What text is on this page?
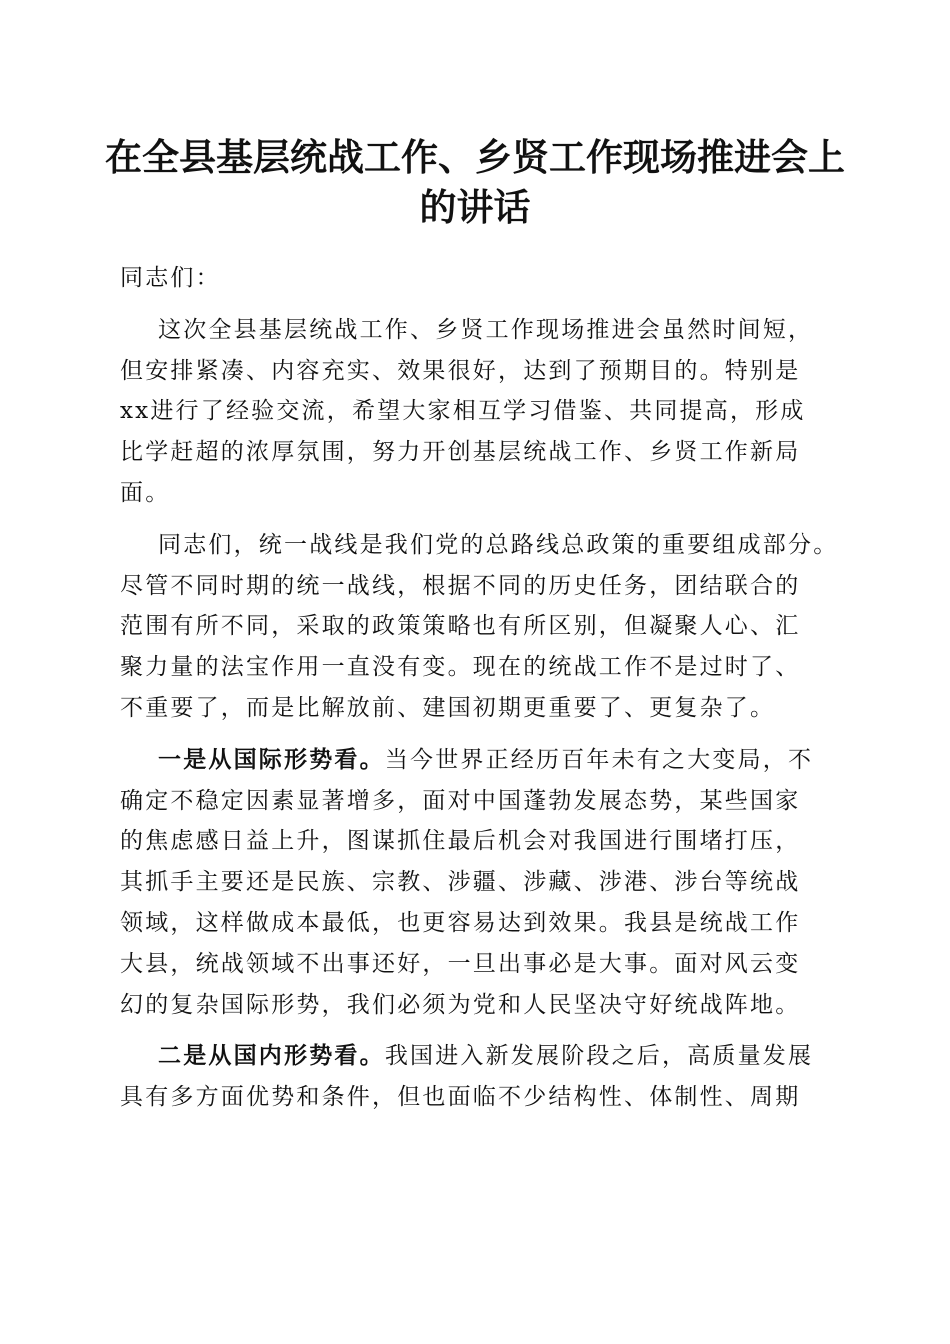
在全县基层统战工作、乡贤工作现场推进会上
的讲话
同志们：
这次全县基层统战工作、乡贤工作现场推进会虽然时间短，
但安排紧凑、内容充实、效果很好，达到了预期目的。特别是
xx进行了经验交流，希望大家相互学习借鉴、共同提高，形成
比学赶超的浓厚氛围，努力开创基层统战工作、乡贤工作新局
面。
同志们，统一战线是我们党的总路线总政策的重要组成部分。
尽管不同时期的统一战线，根据不同的历史任务，团结联合的
范围有所不同，采取的政策策略也有所区别，但凝聚人心、汇
聚力量的法宝作用一直没有变。现在的统战工作不是过时了、
不重要了，而是比解放前、建国初期更重要了、更复杂了。
一是从国际形势看。当今世界正经历百年未有之大变局，不
确定不稳定因素显著增多，面对中国蓬勃发展态势，某些国家
的焦虑感日益上升，图谋抓住最后机会对我国进行围堵打压，
其抓手主要还是民族、宗教、涉疆、涉藏、涉港、涉台等统战
领域，这样做成本最低，也更容易达到效果。我县是统战工作
大县，统战领域不出事还好，一旦出事必是大事。面对风云变
幻的复杂国际形势，我们必须为党和人民坚决守好统战阵地。
二是从国内形势看。我国进入新发展阶段之后，高质量发展
具有多方面优势和条件，但也面临不少结构性、体制性、周期
